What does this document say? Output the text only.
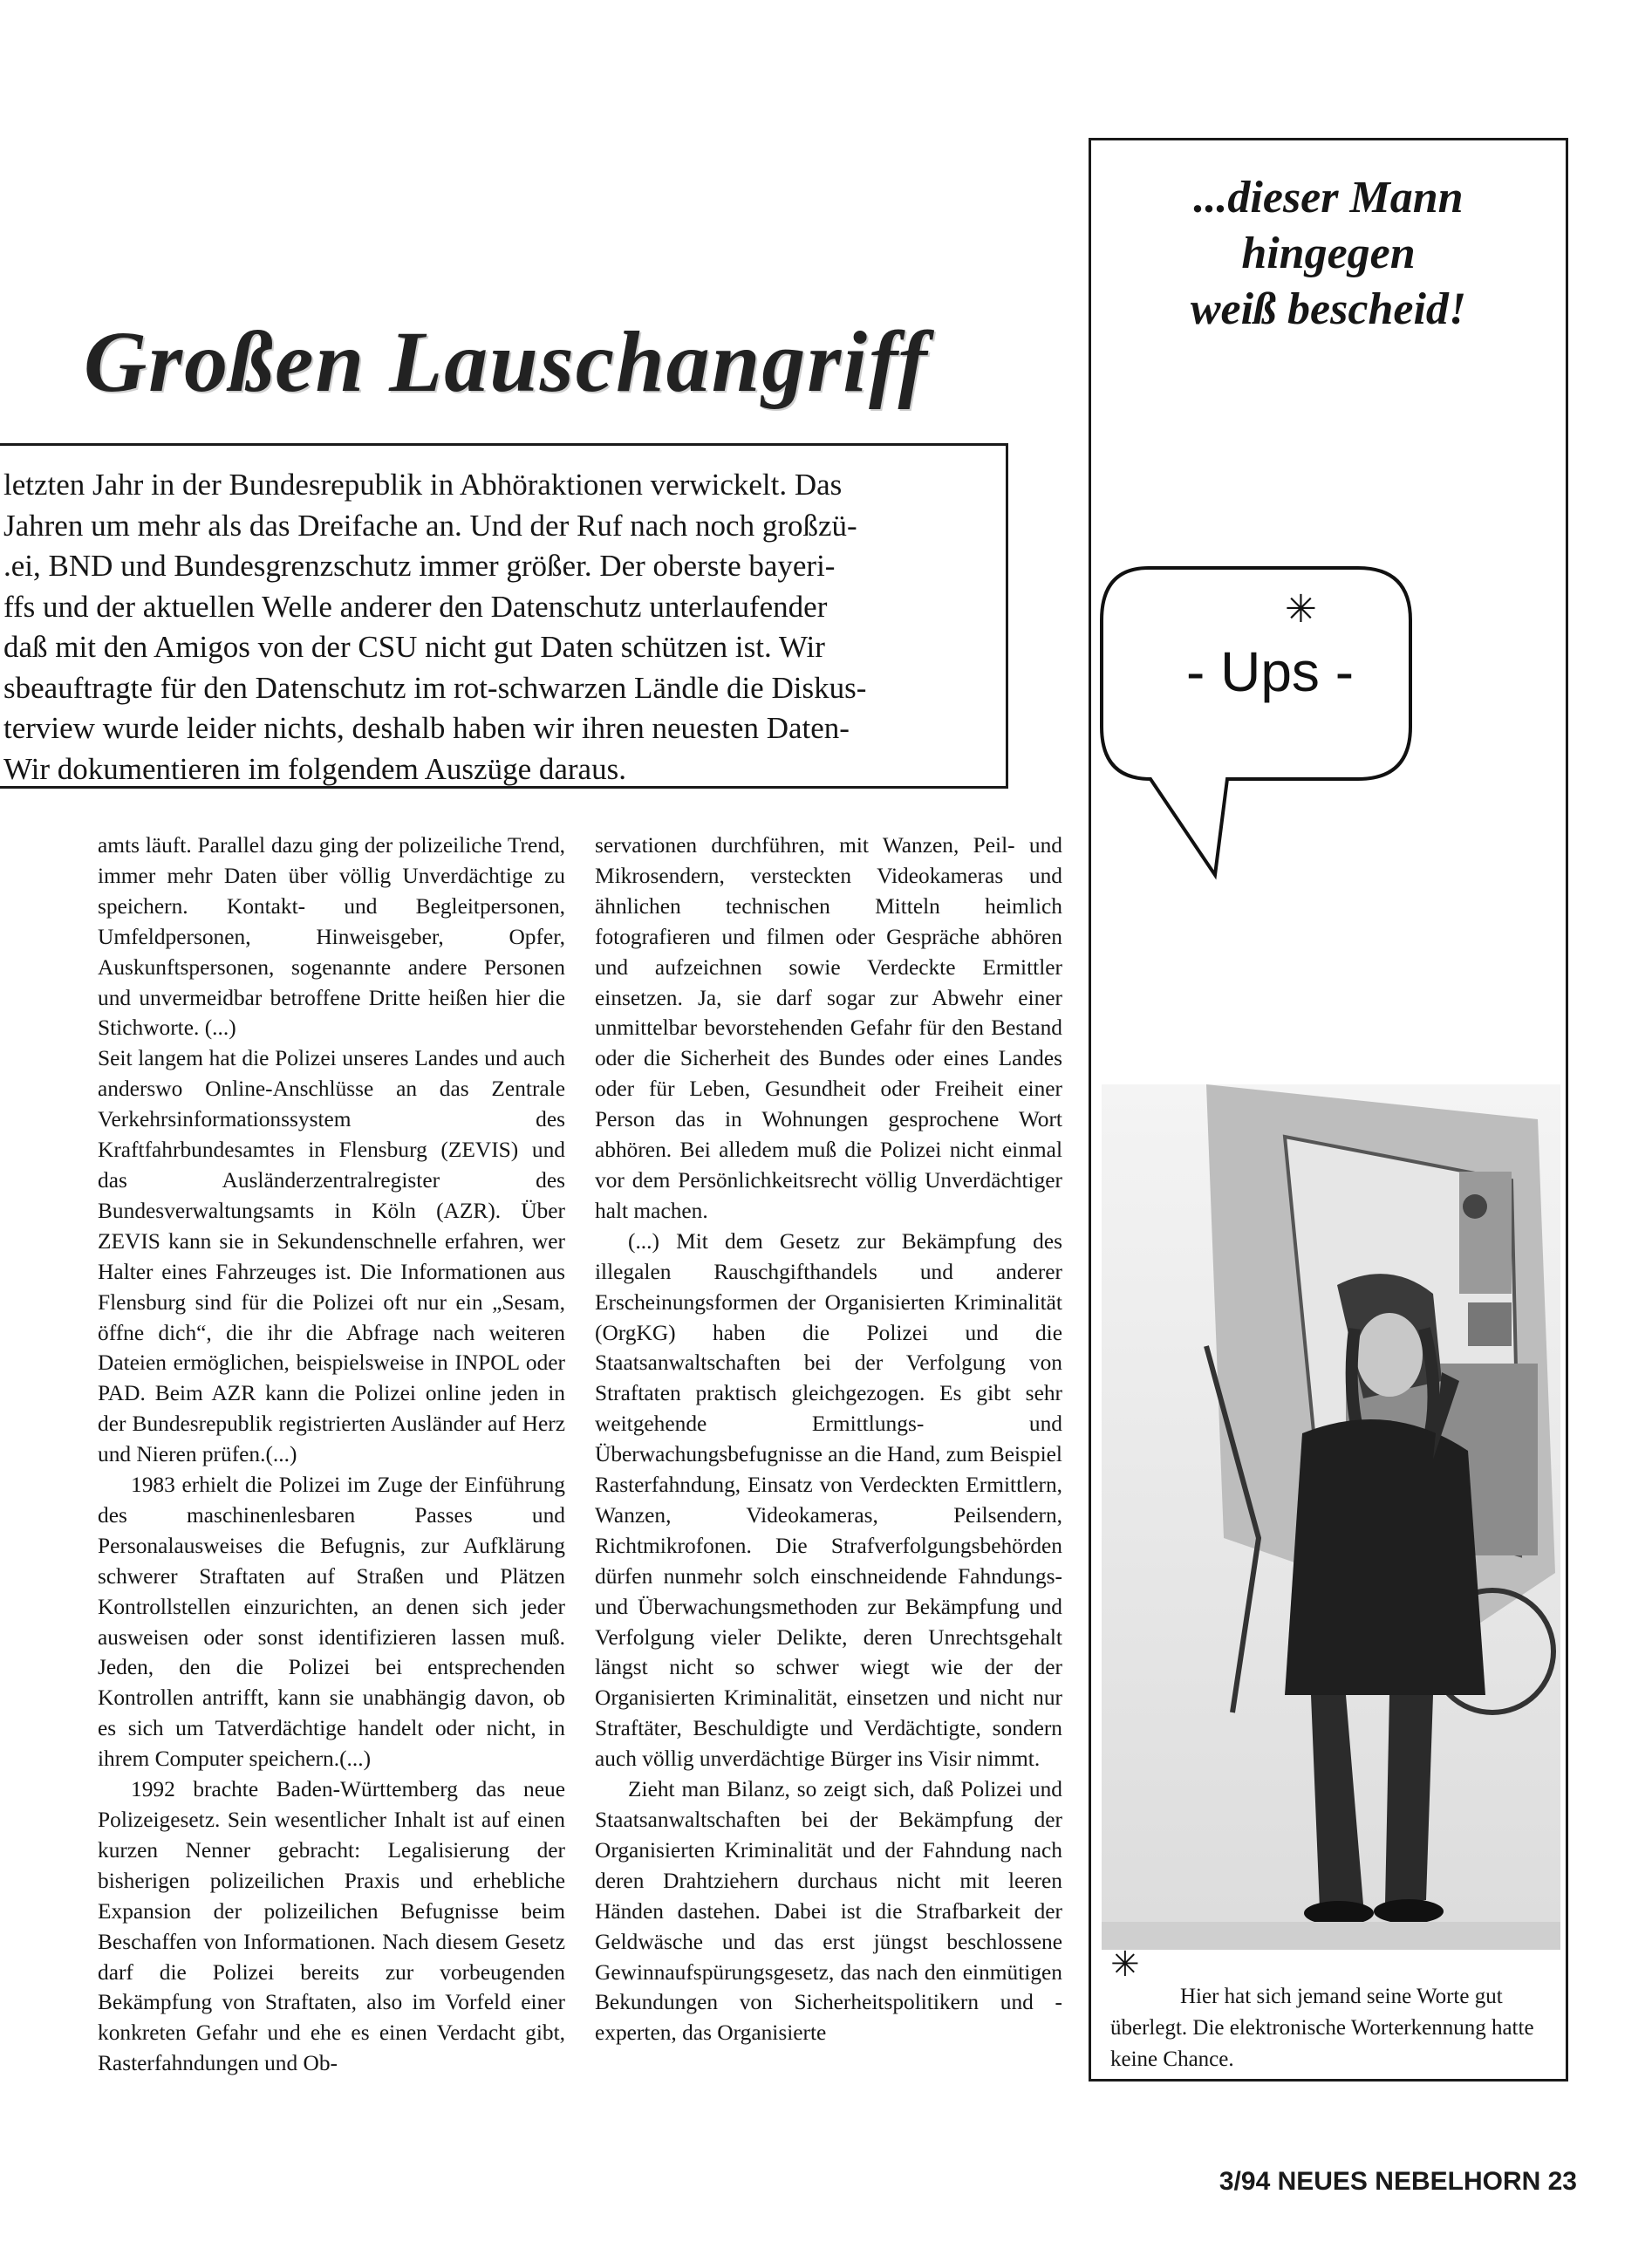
Großen Lauschangriff
letzten Jahr in der Bundesrepublik in Abhöraktionen verwickelt. Das
Jahren um mehr als das Dreifache an. Und der Ruf nach noch großzü-
.ei, BND und Bundesgrenzschutz immer größer. Der oberste bayeri-
ffs und der aktuellen Welle anderer den Datenschutz unterlaufender
daß mit den Amigos von der CSU nicht gut Daten schützen ist. Wir
sbeauftragte für den Datenschutz im rot-schwarzen Ländle die Diskus-
terview wurde leider nichts, deshalb haben wir ihren neuesten Daten-
Wir dokumentieren im folgendem Auszüge daraus.

amts läuft. Parallel dazu ging der polizeiliche Trend, immer mehr Daten über völlig Unverdächtige zu speichern. Kontakt- und Begleitpersonen, Umfeldpersonen, Hinweisgeber, Opfer, Auskunftspersonen, sogenannte andere Personen und unvermeidbar betroffene Dritte heißen hier die Stichworte. (...)

Seit langem hat die Polizei unseres Landes und auch anderswo Online-Anschlüsse an das Zentrale Verkehrsinformationssystem des Kraftfahrbundesamtes in Flensburg (ZEVIS) und das Ausländerzentralregister des Bundesverwaltungsamts in Köln (AZR). Über ZEVIS kann sie in Sekundenschnelle erfahren, wer Halter eines Fahrzeuges ist. Die Informationen aus Flensburg sind für die Polizei oft nur ein „Sesam, öffne dich“, die ihr die Abfrage nach weiteren Dateien ermöglichen, beispielsweise in INPOL oder PAD. Beim AZR kann die Polizei online jeden in der Bundesrepublik registrierten Ausländer auf Herz und Nieren prüfen.(...)

1983 erhielt die Polizei im Zuge der Einführung des maschinenlesbaren Passes und Personalausweises die Befugnis, zur Aufklärung schwerer Straftaten auf Straßen und Plätzen Kontrollstellen einzurichten, an denen sich jeder ausweisen oder sonst identifizieren lassen muß. Jeden, den die Polizei bei entsprechenden Kontrollen antrifft, kann sie unabhängig davon, ob es sich um Tatverdächtige handelt oder nicht, in ihrem Computer speichern.(...)

1992 brachte Baden-Württemberg das neue Polizeigesetz. Sein wesentlicher Inhalt ist auf einen kurzen Nenner gebracht: Legalisierung der bisherigen polizeilichen Praxis und erhebliche Expansion der polizeilichen Befugnisse beim Beschaffen von Informationen. Nach diesem Gesetz darf die Polizei bereits zur vorbeugenden Bekämpfung von Straftaten, also im Vorfeld einer konkreten Gefahr und ehe es einen Verdacht gibt, Rasterfahndungen und Ob-

servationen durchführen, mit Wanzen, Peil- und Mikrosendern, versteckten Videokameras und ähnlichen technischen Mitteln heimlich fotografieren und filmen oder Gespräche abhören und aufzeichnen sowie Verdeckte Ermittler einsetzen. Ja, sie darf sogar zur Abwehr einer unmittelbar bevorstehenden Gefahr für den Bestand oder die Sicherheit des Bundes oder eines Landes oder für Leben, Gesundheit oder Freiheit einer Person das in Wohnungen gesprochene Wort abhören. Bei alledem muß die Polizei nicht einmal vor dem Persönlichkeitsrecht völlig Unverdächtiger halt machen.

(...) Mit dem Gesetz zur Bekämpfung des illegalen Rauschgifthandels und anderer Erscheinungsformen der Organisierten Kriminalität (OrgKG) haben die Polizei und die Staatsanwaltschaften bei der Verfolgung von Straftaten praktisch gleichgezogen. Es gibt sehr weitgehende Ermittlungs- und Überwachungsbefugnisse an die Hand, zum Beispiel Rasterfahndung, Einsatz von Verdeckten Ermittlern, Wanzen, Videokameras, Peilsendern, Richtmikrofonen. Die Strafverfolgungsbehörden dürfen nunmehr solch einschneidende Fahndungs- und Überwachungsmethoden zur Bekämpfung und Verfolgung vieler Delikte, deren Unrechtsgehalt längst nicht so schwer wiegt wie der der Organisierten Kriminalität, einsetzen und nicht nur Straftäter, Beschuldigte und Verdächtigte, sondern auch völlig unverdächtige Bürger ins Visir nimmt.

Zieht man Bilanz, so zeigt sich, daß Polizei und Staatsanwaltschaften bei der Bekämpfung der Organisierten Kriminalität und der Fahndung nach deren Drahtziehern durchaus nicht mit leeren Händen dastehen. Dabei ist die Strafbarkeit der Geldwäsche und das erst jüngst beschlossene Gewinnaufspürungsgesetz, das nach den einmütigen Bekundungen von Sicherheitspolitikern und -experten, das Organisierte

...dieser Mann
hingegen
weiß bescheid!
✳

- Ups -

✳

Hier hat sich jemand seine Worte gut
überlegt. Die elektronische Worterkennung hatte keine Chance.

3/94 NEUES NEBELHORN 23
